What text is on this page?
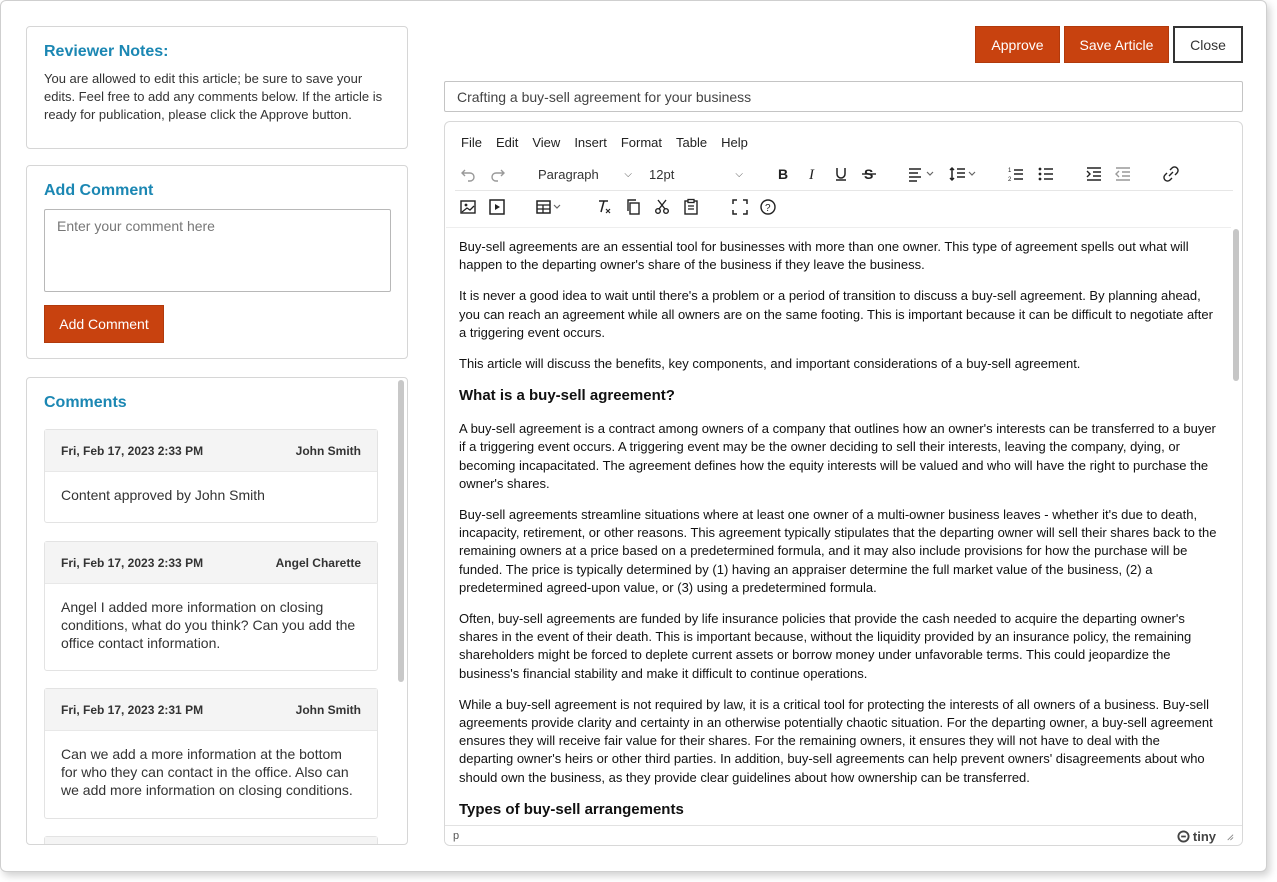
Reviewer Notes:

You are allowed to edit this article; be sure to save your edits. Feel free to add any comments below. If the article is ready for publication, please click the Approve button.

Add Comment
Enter your comment here Add Comment
Comments
Fri, Feb 17, 2023 2:33 PM	John Smith
Content approved by John Smith
Fri, Feb 17, 2023 2:33 PM	Angel Charette
Angel I added more information on closing conditions, what do you think? Can you add the office contact information.
Fri, Feb 17, 2023 2:31 PM	John Smith
Can we add a more information at the bottom for who they can contact in the office. Also can we add more information on closing conditions.
Approve	Save Article	Close
Crafting a buy-sell agreement for your business
File	Edit	View	Insert	Format	Table	Help
Paragraph	⌵ 12pt	⌵	B I	S	1
2
?

Buy-sell agreements are an essential tool for businesses with more than one owner. This type of agreement spells out what will happen to the departing owner's share of the business if they leave the business.

It is never a good idea to wait until there's a problem or a period of transition to discuss a buy-sell agreement. By planning ahead, you can reach an agreement while all owners are on the same footing. This is important because it can be difficult to negotiate after a triggering event occurs.

This article will discuss the benefits, key components, and important considerations of a buy-sell agreement.

What is a buy-sell agreement?

A buy-sell agreement is a contract among owners of a company that outlines how an owner's interests can be transferred to a buyer if a triggering event occurs. A triggering event may be the owner deciding to sell their interests, leaving the company, dying, or becoming incapacitated. The agreement defines how the equity interests will be valued and who will have the right to purchase the owner's shares.

Buy-sell agreements streamline situations where at least one owner of a multi-owner business leaves - whether it's due to death, incapacity, retirement, or other reasons. This agreement typically stipulates that the departing owner will sell their shares back to the remaining owners at a price based on a predetermined formula, and it may also include provisions for how the purchase will be funded. The price is typically determined by (1) having an appraiser determine the full market value of the business, (2) a predetermined agreed-upon value, or (3) using a predetermined formula.

Often, buy-sell agreements are funded by life insurance policies that provide the cash needed to acquire the departing owner's shares in the event of their death. This is important because, without the liquidity provided by an insurance policy, the remaining shareholders might be forced to deplete current assets or borrow money under unfavorable terms. This could jeopardize the business's financial stability and make it difficult to continue operations.

While a buy-sell agreement is not required by law, it is a critical tool for protecting the interests of all owners of a business. Buy-sell agreements provide clarity and certainty in an otherwise potentially chaotic situation. For the departing owner, a buy-sell agreement ensures they will receive fair value for their shares. For the remaining owners, it ensures they will not have to deal with the departing owner's heirs or other third parties. In addition, buy-sell agreements can help prevent owners' disagreements about who should own the business, as they provide clear guidelines about how ownership can be transferred.

Types of buy-sell arrangements
p	tiny
